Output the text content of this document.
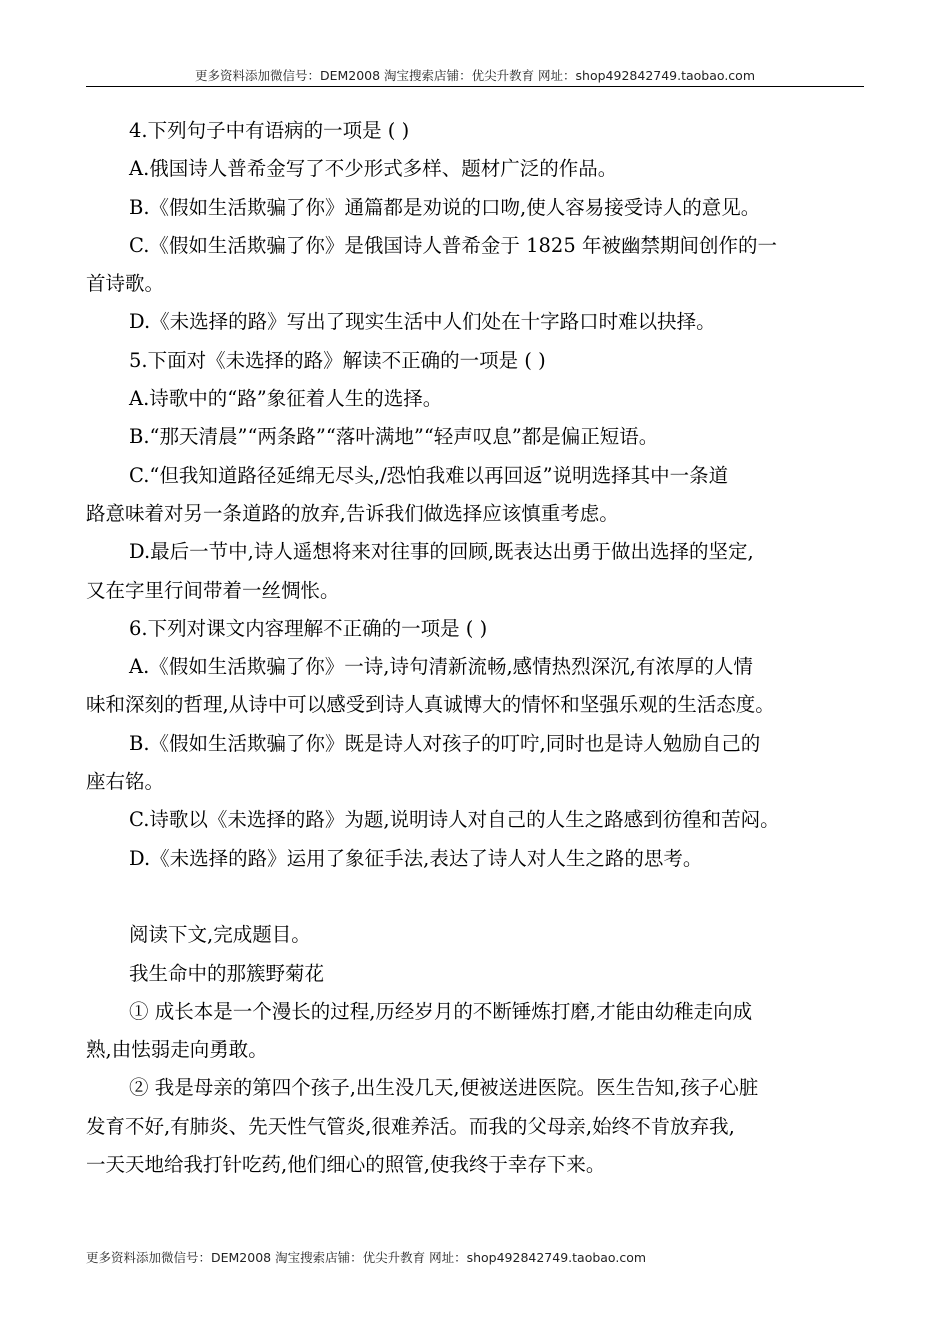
更多资料添加微信号：DEM2008 淘宝搜索店铺：优尖升教育 网址：shop492842749.taobao.com

4.下列句子中有语病的一项是 ( )

A.俄国诗人普希金写了不少形式多样、题材广泛的作品。

B.《假如生活欺骗了你》通篇都是劝说的口吻,使人容易接受诗人的意见。

C.《假如生活欺骗了你》是俄国诗人普希金于 1825 年被幽禁期间创作的一

首诗歌。

D.《未选择的路》写出了现实生活中人们处在十字路口时难以抉择。

5.下面对《未选择的路》解读不正确的一项是 ( )

A.诗歌中的“路”象征着人生的选择。

B.“那天清晨”“两条路”“落叶满地”“轻声叹息”都是偏正短语。

C.“但我知道路径延绵无尽头,/恐怕我难以再回返”说明选择其中一条道

路意味着对另一条道路的放弃,告诉我们做选择应该慎重考虑。

D.最后一节中,诗人遥想将来对往事的回顾,既表达出勇于做出选择的坚定,

又在字里行间带着一丝惆怅。

6.下列对课文内容理解不正确的一项是 ( )

A.《假如生活欺骗了你》一诗,诗句清新流畅,感情热烈深沉,有浓厚的人情

味和深刻的哲理,从诗中可以感受到诗人真诚博大的情怀和坚强乐观的生活态度。

B.《假如生活欺骗了你》既是诗人对孩子的叮咛,同时也是诗人勉励自己的

座右铭。

C.诗歌以《未选择的路》为题,说明诗人对自己的人生之路感到彷徨和苦闷。

D.《未选择的路》运用了象征手法,表达了诗人对人生之路的思考。

阅读下文,完成题目。

我生命中的那簇野菊花

① 成长本是一个漫长的过程,历经岁月的不断锤炼打磨,才能由幼稚走向成

熟,由怯弱走向勇敢。

② 我是母亲的第四个孩子,出生没几天,便被送进医院。医生告知,孩子心脏

发育不好,有肺炎、先天性气管炎,很难养活。而我的父母亲,始终不肯放弃我,

一天天地给我打针吃药,他们细心的照管,使我终于幸存下来。

更多资料添加微信号：DEM2008 淘宝搜索店铺：优尖升教育 网址：shop492842749.taobao.com
